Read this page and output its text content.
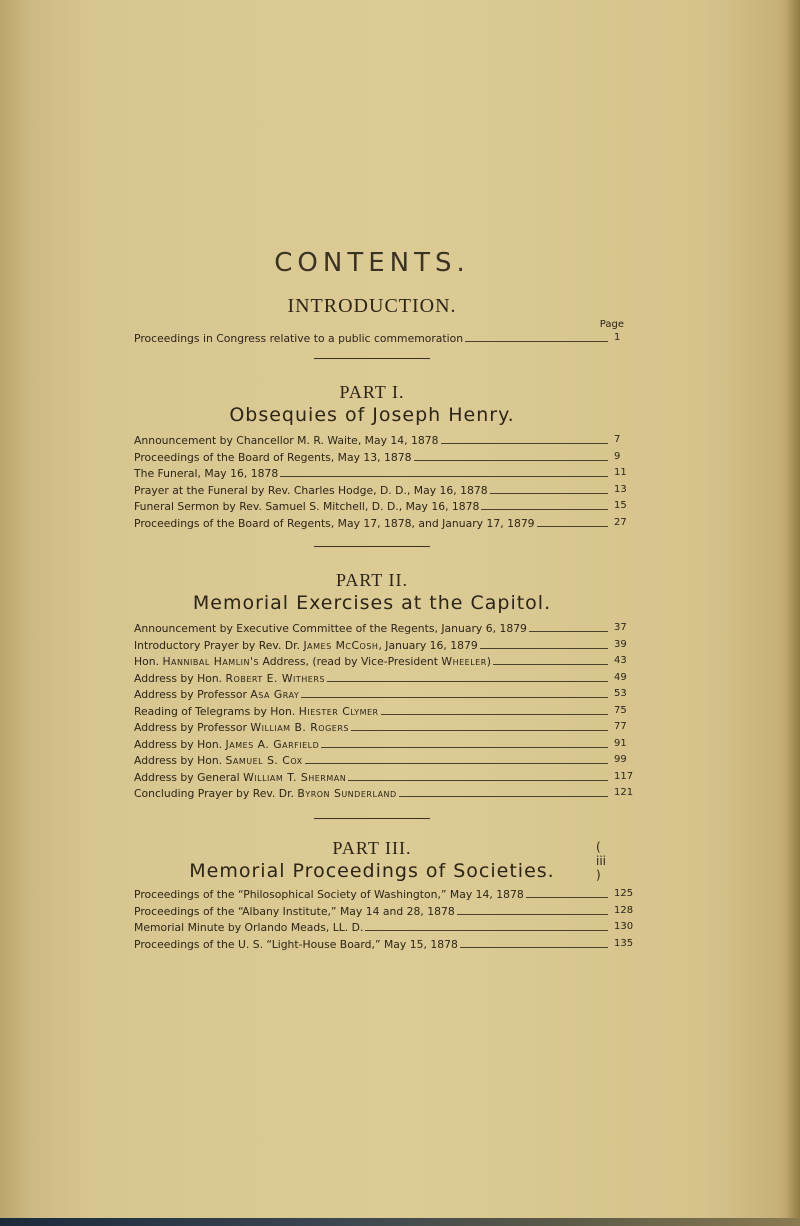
CONTENTS.
INTRODUCTION.
Page
Proceedings in Congress relative to a public commemoration	1
PART I.
Obsequies of Joseph Henry.
Announcement by Chancellor M. R. Waite, May 14, 1878	7
Proceedings of the Board of Regents, May 13, 1878	9
The Funeral, May 16, 1878	11
Prayer at the Funeral by Rev. Charles Hodge, D. D., May 16, 1878	13
Funeral Sermon by Rev. Samuel S. Mitchell, D. D., May 16, 1878	15
Proceedings of the Board of Regents, May 17, 1878, and January 17, 1879	27
PART II.
Memorial Exercises at the Capitol.
Announcement by Executive Committee of the Regents, January 6, 1879	37
Introductory Prayer by Rev. Dr. James McCosh, January 16, 1879	39
Hon. Hannibal Hamlin's Address, (read by Vice-President Wheeler)	43
Address by Hon. Robert E. Withers	49
Address by Professor Asa Gray	53
Reading of Telegrams by Hon. Hiester Clymer	75
Address by Professor William B. Rogers	77
Address by Hon. James A. Garfield	91
Address by Hon. Samuel S. Cox	99
Address by General William T. Sherman	117
Concluding Prayer by Rev. Dr. Byron Sunderland	121
PART III.
Memorial Proceedings of Societies.
Proceedings of the “Philosophical Society of Washington,” May 14, 1878	125
Proceedings of the “Albany Institute,” May 14 and 28, 1878	128
Memorial Minute by Orlando Meads, LL. D.	130
Proceedings of the U. S. “Light-House Board,” May 15, 1878	135
( iii )
